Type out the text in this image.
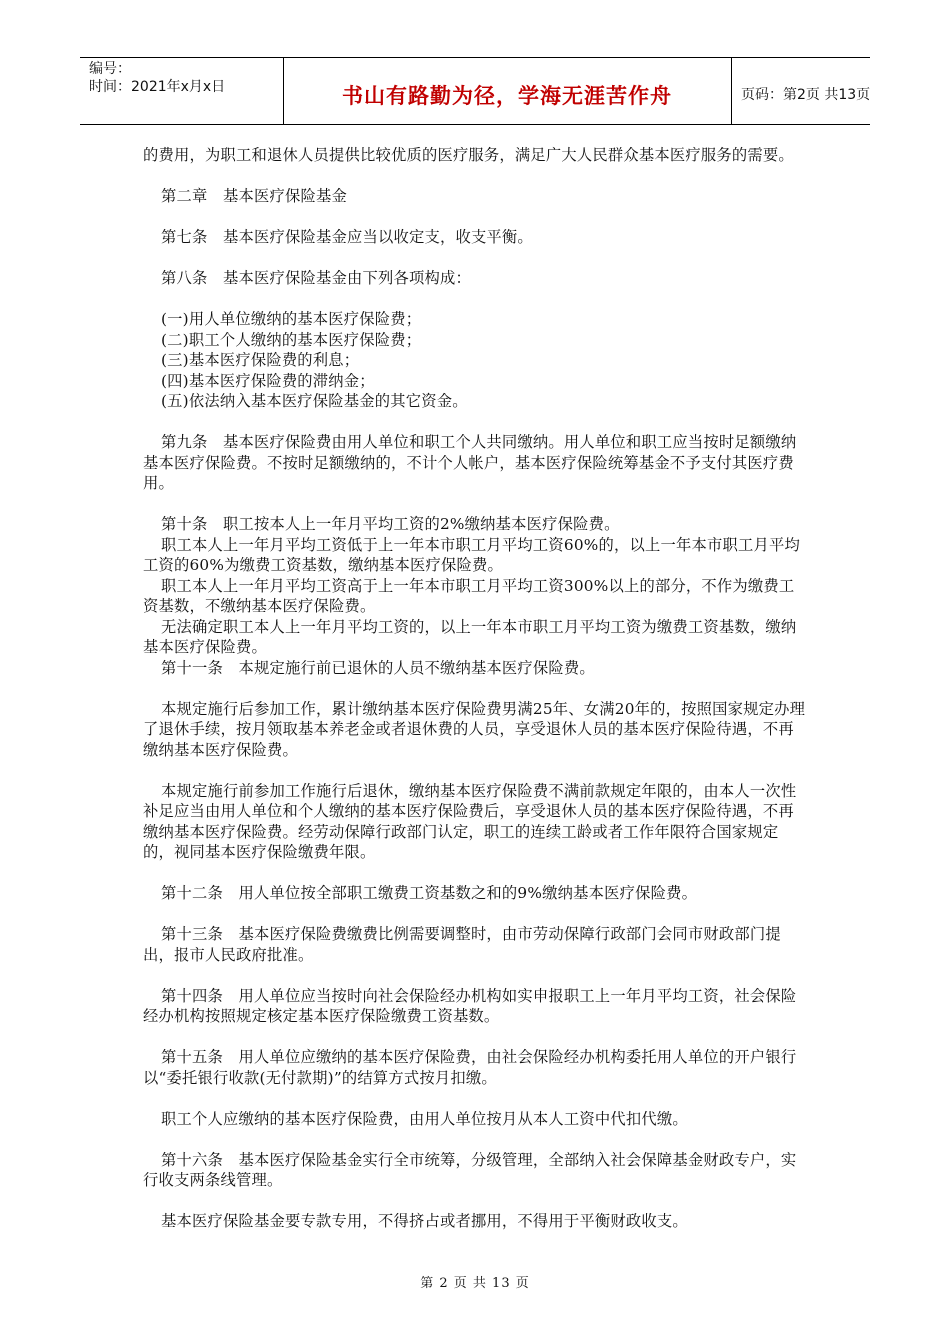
编号：
时间：2021年x月x日	书山有路勤为径，学海无涯苦作舟	页码：第2页 共13页

的费用，为职工和退休人员提供比较优质的医疗服务，满足广大人民群众基本医疗服务的需要。

第二章　基本医疗保险基金

第七条　基本医疗保险基金应当以收定支，收支平衡。

第八条　基本医疗保险基金由下列各项构成：

(一)用人单位缴纳的基本医疗保险费；

(二)职工个人缴纳的基本医疗保险费；

(三)基本医疗保险费的利息；

(四)基本医疗保险费的滞纳金；

(五)依法纳入基本医疗保险基金的其它资金。

第九条　基本医疗保险费由用人单位和职工个人共同缴纳。用人单位和职工应当按时足额缴纳基本医疗保险费。不按时足额缴纳的，不计个人帐户，基本医疗保险统筹基金不予支付其医疗费用。

第十条　职工按本人上一年月平均工资的2%缴纳基本医疗保险费。

职工本人上一年月平均工资低于上一年本市职工月平均工资60%的，以上一年本市职工月平均工资的60%为缴费工资基数，缴纳基本医疗保险费。

职工本人上一年月平均工资高于上一年本市职工月平均工资300%以上的部分，不作为缴费工资基数，不缴纳基本医疗保险费。

无法确定职工本人上一年月平均工资的，以上一年本市职工月平均工资为缴费工资基数，缴纳基本医疗保险费。

第十一条　本规定施行前已退休的人员不缴纳基本医疗保险费。

本规定施行后参加工作，累计缴纳基本医疗保险费男满25年、女满20年的，按照国家规定办理了退休手续，按月领取基本养老金或者退休费的人员，享受退休人员的基本医疗保险待遇，不再缴纳基本医疗保险费。

本规定施行前参加工作施行后退休，缴纳基本医疗保险费不满前款规定年限的，由本人一次性补足应当由用人单位和个人缴纳的基本医疗保险费后，享受退休人员的基本医疗保险待遇，不再缴纳基本医疗保险费。经劳动保障行政部门认定，职工的连续工龄或者工作年限符合国家规定的，视同基本医疗保险缴费年限。

第十二条　用人单位按全部职工缴费工资基数之和的9%缴纳基本医疗保险费。

第十三条　基本医疗保险费缴费比例需要调整时，由市劳动保障行政部门会同市财政部门提出，报市人民政府批准。

第十四条　用人单位应当按时向社会保险经办机构如实申报职工上一年月平均工资，社会保险经办机构按照规定核定基本医疗保险缴费工资基数。

第十五条　用人单位应缴纳的基本医疗保险费，由社会保险经办机构委托用人单位的开户银行以“委托银行收款(无付款期)”的结算方式按月扣缴。

职工个人应缴纳的基本医疗保险费，由用人单位按月从本人工资中代扣代缴。

第十六条　基本医疗保险基金实行全市统筹，分级管理，全部纳入社会保障基金财政专户，实行收支两条线管理。

基本医疗保险基金要专款专用，不得挤占或者挪用，不得用于平衡财政收支。

第 2 页 共 13 页
